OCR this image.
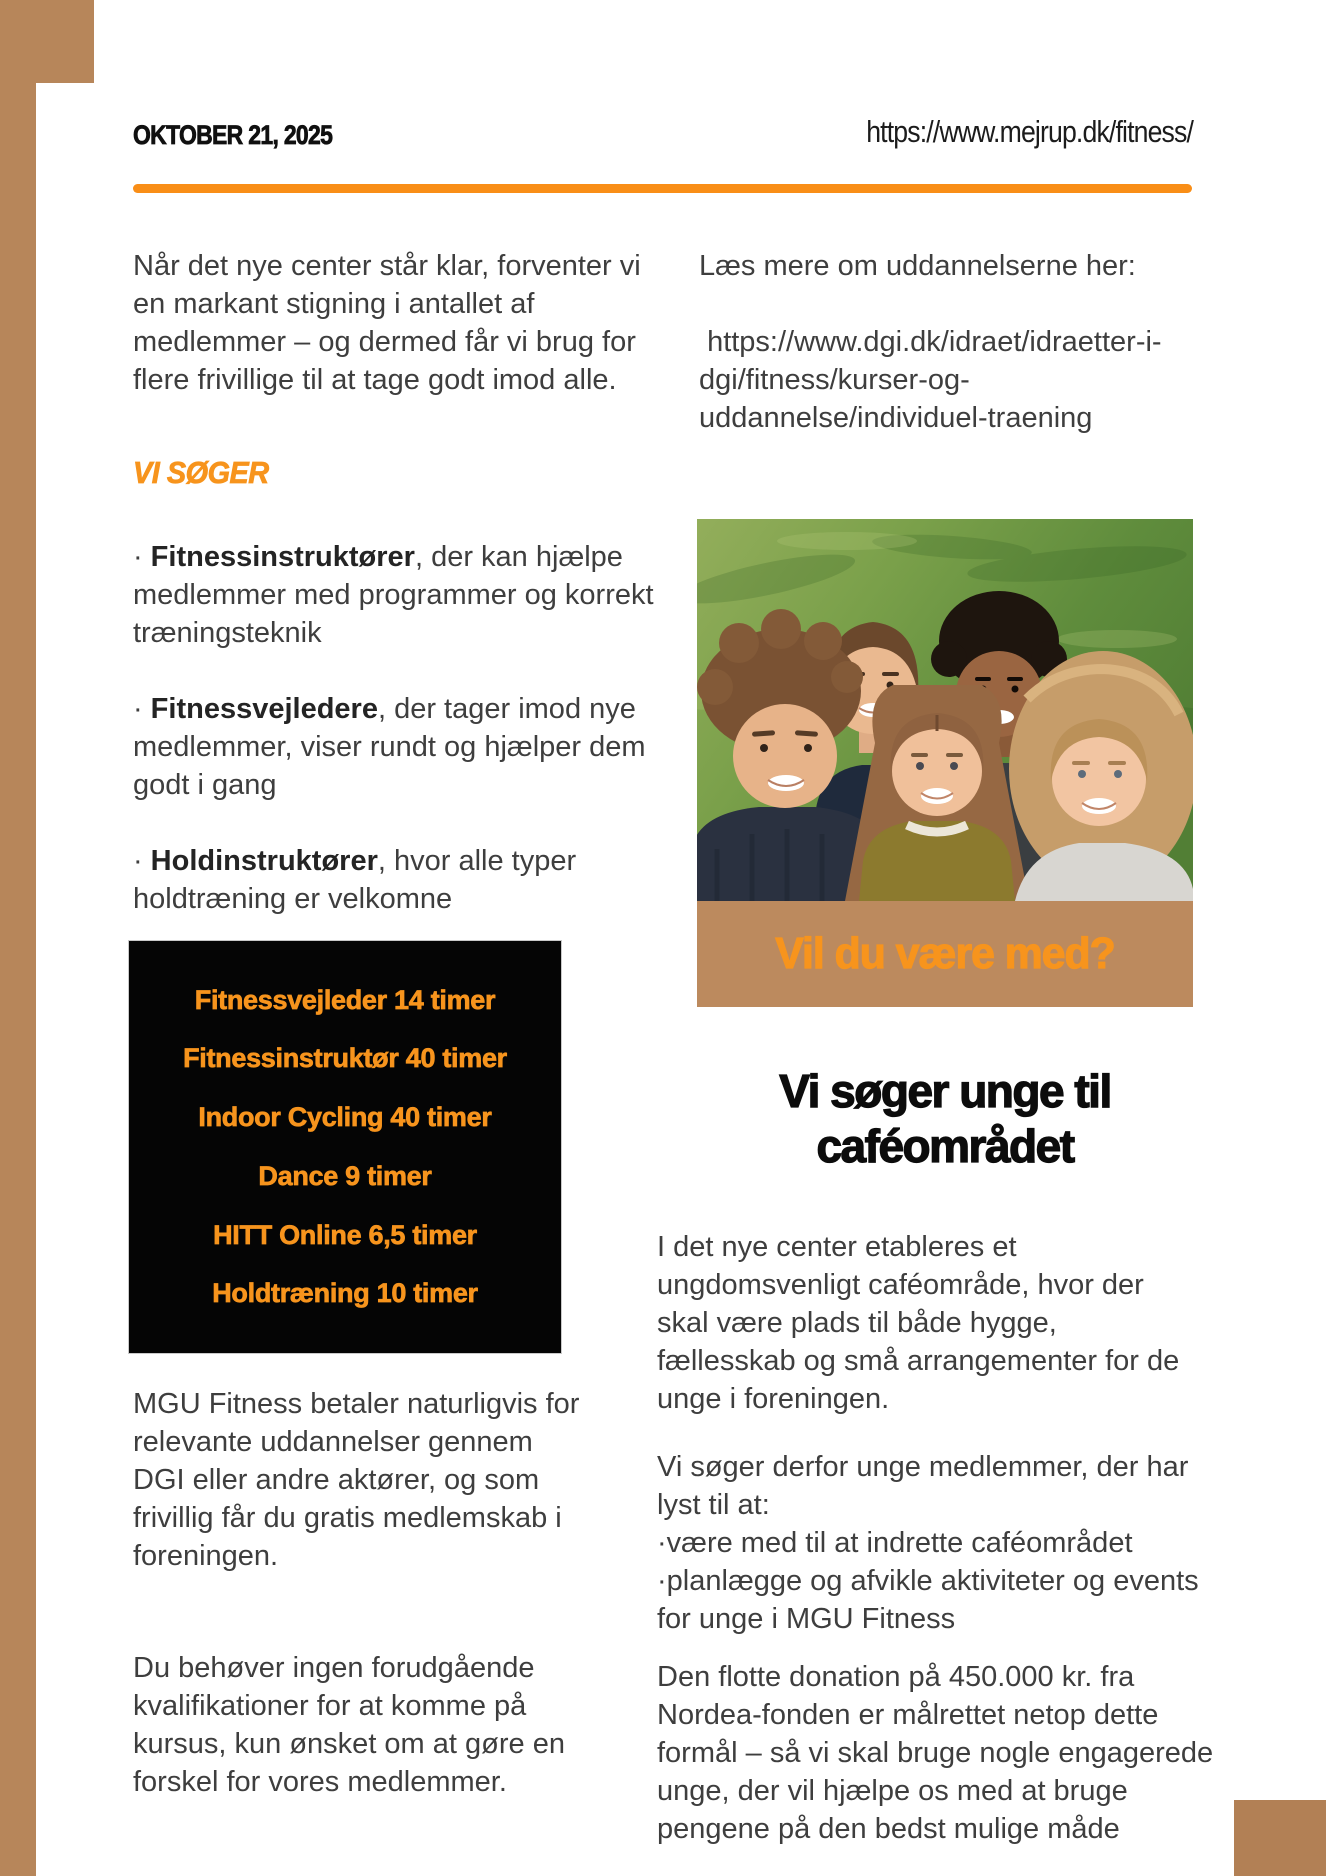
OKTOBER 21, 2025	https://www.mejrup.dk/fitness/
Når det nye center står klar, forventer vi en markant stigning i antallet af medlemmer – og dermed får vi brug for flere frivillige til at tage godt imod alle.
VI SØGER
· Fitnessinstruktører, der kan hjælpe medlemmer med programmer og korrekt træningsteknik
· Fitnessvejledere, der tager imod nye medlemmer, viser rundt og hjælper dem godt i gang
· Holdinstruktører, hvor alle typer holdtræning er velkomne
Fitnessvejleder 14 timer
Fitnessinstruktør 40 timer
Indoor Cycling 40 timer
Dance 9 timer
HITT Online 6,5 timer
Holdtræning 10 timer
MGU Fitness betaler naturligvis for relevante uddannelser gennem DGI eller andre aktører, og som frivillig får du gratis medlemskab i foreningen.
Du behøver ingen forudgående kvalifikationer for at komme på kursus, kun ønsket om at gøre en forskel for vores medlemmer.
Læs mere om uddannelserne her:
https://www.dgi.dk/idraet/idraetter-i-dgi/fitness/kurser-og-uddannelse/individuel-traening
Vil du være med?
Vi søger unge til
caféområdet
I det nye center etableres et ungdomsvenligt caféområde, hvor der skal være plads til både hygge, fællesskab og små arrangementer for de unge i foreningen.
Vi søger derfor unge medlemmer, der har lyst til at:
·være med til at indrette caféområdet
·planlægge og afvikle aktiviteter og events for unge i MGU Fitness
Den flotte donation på 450.000 kr. fra Nordea-fonden er målrettet netop dette formål – så vi skal bruge nogle engagerede unge, der vil hjælpe os med at bruge pengene på den bedst mulige måde
